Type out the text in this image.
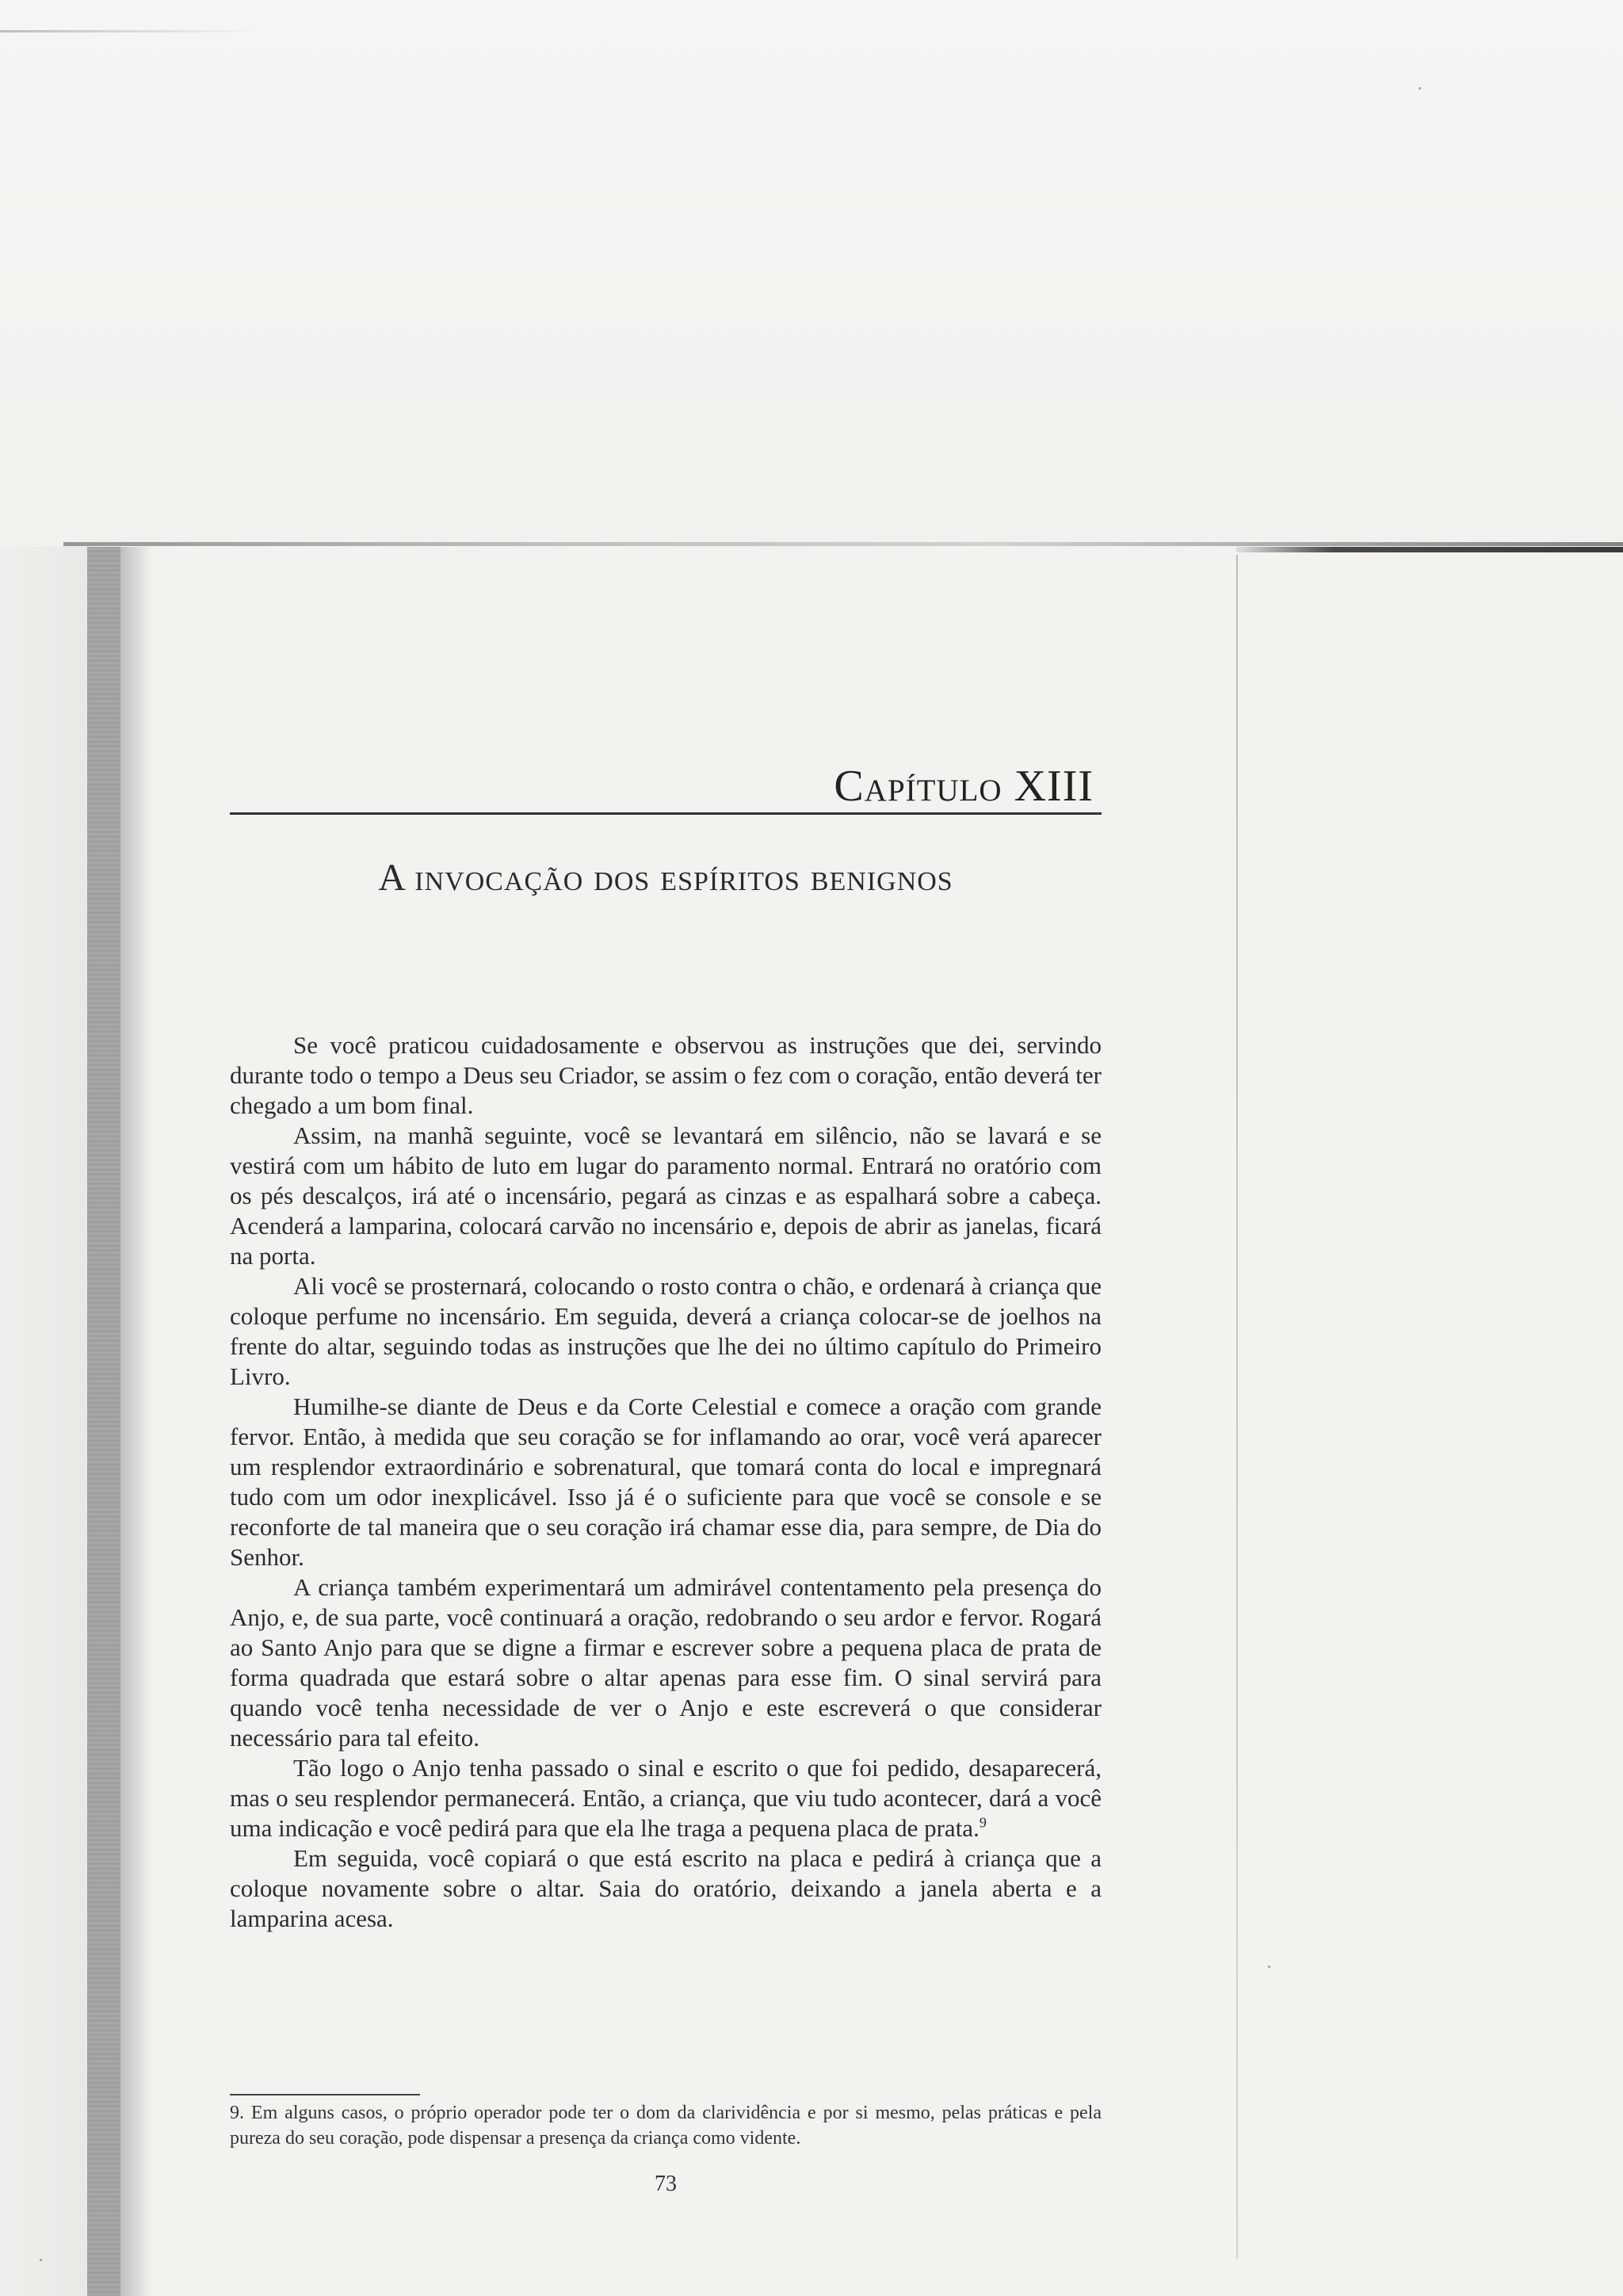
Capítulo XIII
A invocação dos espíritos benignos

Se você praticou cuidadosamente e observou as instruções que dei, servindo durante todo o tempo a Deus seu Criador, se assim o fez com o coração, então deverá ter chegado a um bom final.

Assim, na manhã seguinte, você se levantará em silêncio, não se lavará e se vestirá com um hábito de luto em lugar do paramento normal. Entrará no oratório com os pés descalços, irá até o incensário, pegará as cinzas e as espalhará sobre a cabeça. Acenderá a lamparina, colocará carvão no incensário e, depois de abrir as janelas, ficará na porta.

Ali você se prosternará, colocando o rosto contra o chão, e ordenará à criança que coloque perfume no incensário. Em seguida, deverá a criança colocar-se de joelhos na frente do altar, seguindo todas as instruções que lhe dei no último capítulo do Primeiro Livro.

Humilhe-se diante de Deus e da Corte Celestial e comece a oração com grande fervor. Então, à medida que seu coração se for inflamando ao orar, você verá aparecer um resplendor extraordinário e sobrenatural, que tomará conta do local e impregnará tudo com um odor inexplicável. Isso já é o suficiente para que você se console e se reconforte de tal maneira que o seu coração irá chamar esse dia, para sempre, de Dia do Senhor.

A criança também experimentará um admirável contentamento pela presença do Anjo, e, de sua parte, você continuará a oração, redobrando o seu ardor e fervor. Rogará ao Santo Anjo para que se digne a firmar e escrever sobre a pequena placa de prata de forma quadrada que estará sobre o altar apenas para esse fim. O sinal servirá para quando você tenha necessidade de ver o Anjo e este escreverá o que considerar necessário para tal efeito.

Tão logo o Anjo tenha passado o sinal e escrito o que foi pedido, desaparecerá, mas o seu resplendor permanecerá. Então, a criança, que viu tudo acontecer, dará a você uma indicação e você pedirá para que ela lhe traga a pequena placa de prata.$^9$

Em seguida, você copiará o que está escrito na placa e pedirá à criança que a coloque novamente sobre o altar. Saia do oratório, deixando a janela aberta e a lamparina acesa.

9. Em alguns casos, o próprio operador pode ter o dom da clarividência e por si mesmo, pelas práticas e pela pureza do seu coração, pode dispensar a presença da criança como vidente.
73
